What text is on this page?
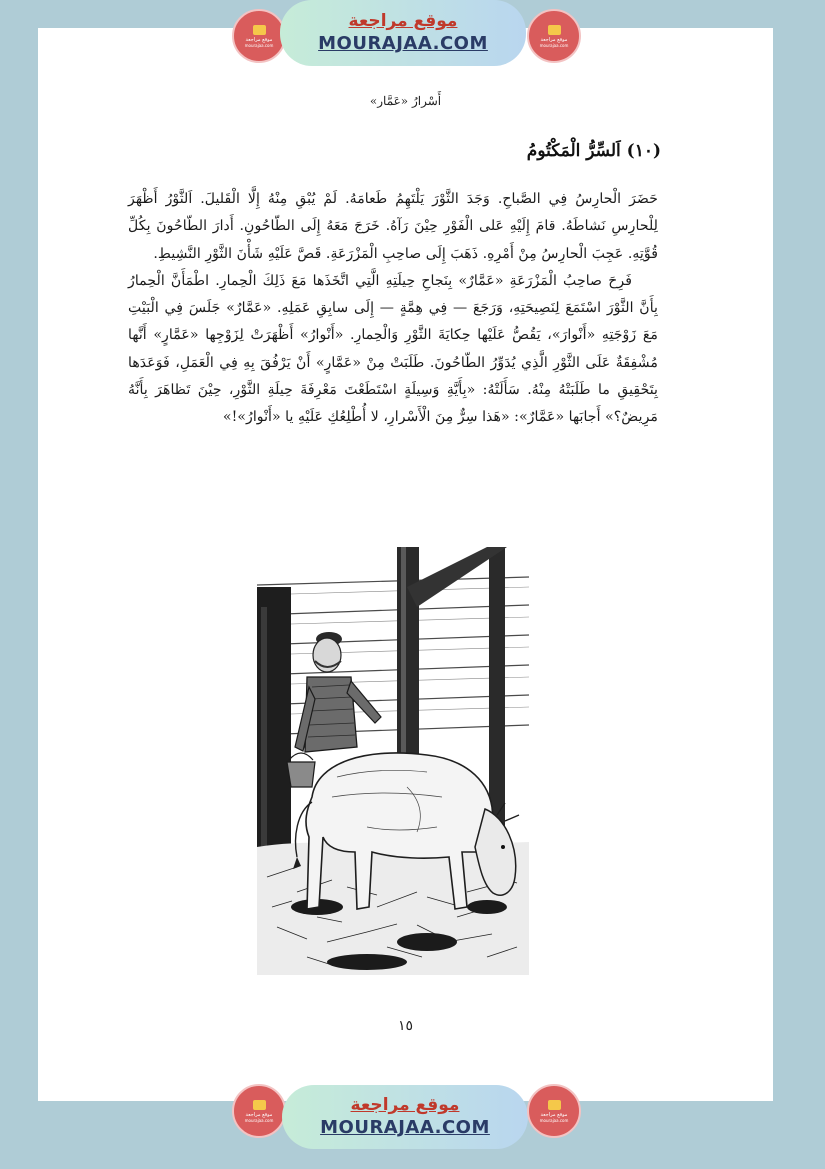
أَسْرارُ «عَمَّار»
(١٠) اَلسِّرُّ الْمَكْتُومُ

حَضَرَ الْحارِسُ فِي الصَّباحِ. وَجَدَ الثَّوْرَ يَلْتَهِمُ طَعامَهُ. لَمْ يُبْقِ مِنْهُ إِلَّا الْقَليلَ. اَلثَّوْرُ أَظْهَرَ لِلْحارِسِ نَشاطَهُ. قامَ إِلَيْهِ عَلى الْفَوْرِ حِيْنَ رَآهُ. خَرَجَ مَعَهُ إِلَى الطّاحُونِ. أَدارَ الطّاحُونَ بِكُلِّ قُوَّتِهِ. عَجِبَ الْحارِسُ مِنْ أَمْرِهِ. ذَهَبَ إِلَى صاحِبِ الْمَزْرَعَةِ. قَصَّ عَلَيْهِ شَأْنَ الثَّوْرِ النَّشِيطِ.

فَرِحَ صاحِبُ الْمَزْرَعَةِ «عَمَّارٌ» بِنَجاحِ حِيلَتِهِ الَّتِي اتَّخَذَها مَعَ ذَلِكَ الْحِمارِ. اطْمَأَنَّ الْحِمارُ بِأَنَّ الثَّوْرَ اسْتَمَعَ لِنَصِيحَتِهِ، وَرَجَعَ — فِي هِمَّةٍ — إِلَى سابِقِ عَمَلِهِ. «عَمَّارٌ» جَلَسَ فِي الْبَيْتِ مَعَ زَوْجَتِهِ «أَنْوارَ»، يَقُصُّ عَلَيْها حِكايَةَ الثَّوْرِ وَالْحِمارِ. «أَنْوارُ» أَظْهَرَتْ لِزَوْجِها «عَمَّارٍ» أَنَّها مُشْفِقَةٌ عَلَى الثَّوْرِ الَّذِي يُدَوِّرُ الطّاحُونَ. طَلَبَتْ مِنْ «عَمَّارٍ» أَنْ يَرْفُقَ بِهِ فِي الْعَمَلِ، فَوَعَدَها بِتَحْقِيقِ ما طَلَبَتْهُ مِنْهُ. سَأَلَتْهُ: «بِأَيَّةِ وَسِيلَةٍ اسْتَطَعْتَ مَعْرِفَةَ حِيلَةِ الثَّوْرِ، حِيْنَ تَظاهَرَ بِأَنَّهُ مَرِيضٌ؟» أَجابَها «عَمَّارٌ»: «هَذا سِرٌّ مِنَ الْأَسْرارِ، لا أُطْلِعُكِ عَلَيْهِ يا «أَنْوارُ»!»

١٥
موقع مراجعة
mourajaa.com
موقع مراجعة
MOURAJAA.COM	موقع مراجعة
mourajaa.com
موقع مراجعة
mourajaa.com
موقع مراجعة
MOURAJAA.COM
موقع مراجعة
mourajaa.com
